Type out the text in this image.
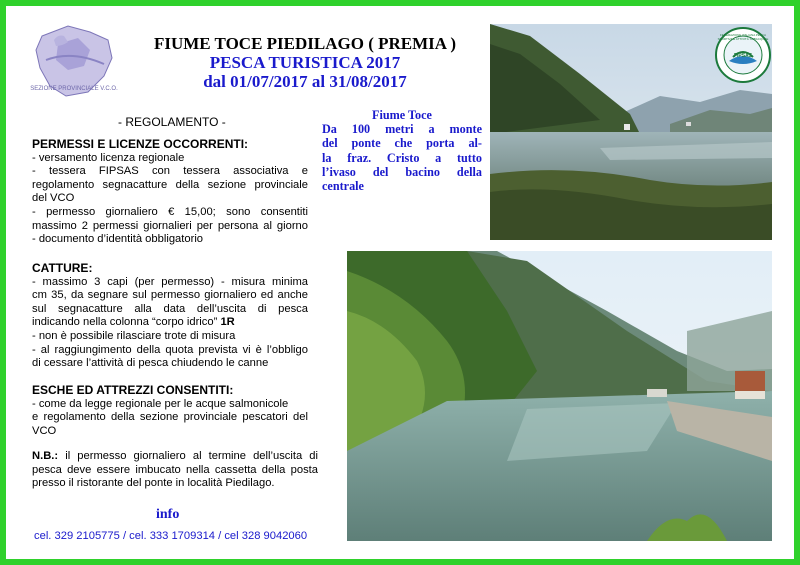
SEZIONE PROVINCIALE V.C.O.
FIUME TOCE PIEDILAGO ( PREMIA )
PESCA TURISTICA 2017
dal 01/07/2017 al 31/08/2017
- REGOLAMENTO -

PERMESSI E LICENZE OCCORRENTI:

- versamento licenza regionale

- tessera FIPSAS con tessera associativa e

regolamento segnacatture della sezione provinciale

del VCO

- permesso giornaliero € 15,00; sono consentiti

massimo 2 permessi giornalieri per persona al giorno

- documento d’identità obbligatorio

CATTURE:

- massimo 3 capi (per permesso) - misura minima

cm 35, da segnare sul permesso giornaliero ed anche

sul segnacatture alla data dell’uscita di pesca

indicando nella colonna “corpo idrico” 1R

- non è possibile rilasciare trote di misura

- al raggiungimento della quota prevista vi è l’obbligo

di cessare l’attività di pesca chiudendo le canne

ESCHE ED ATTREZZI CONSENTITI:

- come da legge regionale per le acque salmonicole

e regolamento della sezione provinciale pescatori del

VCO

N.B.: il permesso giornaliero al termine dell’uscita di

pesca deve essere imbucato nella cassetta della posta

presso il ristorante del ponte in località Piedilago.

Fiume Toce
Da 100 metri a monte
del ponte che porta al-
la fraz. Cristo a tutto
l’ivaso del bacino della
centrale
info
cel. 329 2105775 / cel. 333 1709314 / cel 328 9042060
FIPSAS
FEDERAZIONE ITALIANA PESCA SPORTIVA E ATTIVITÀ SUBACQUEE
